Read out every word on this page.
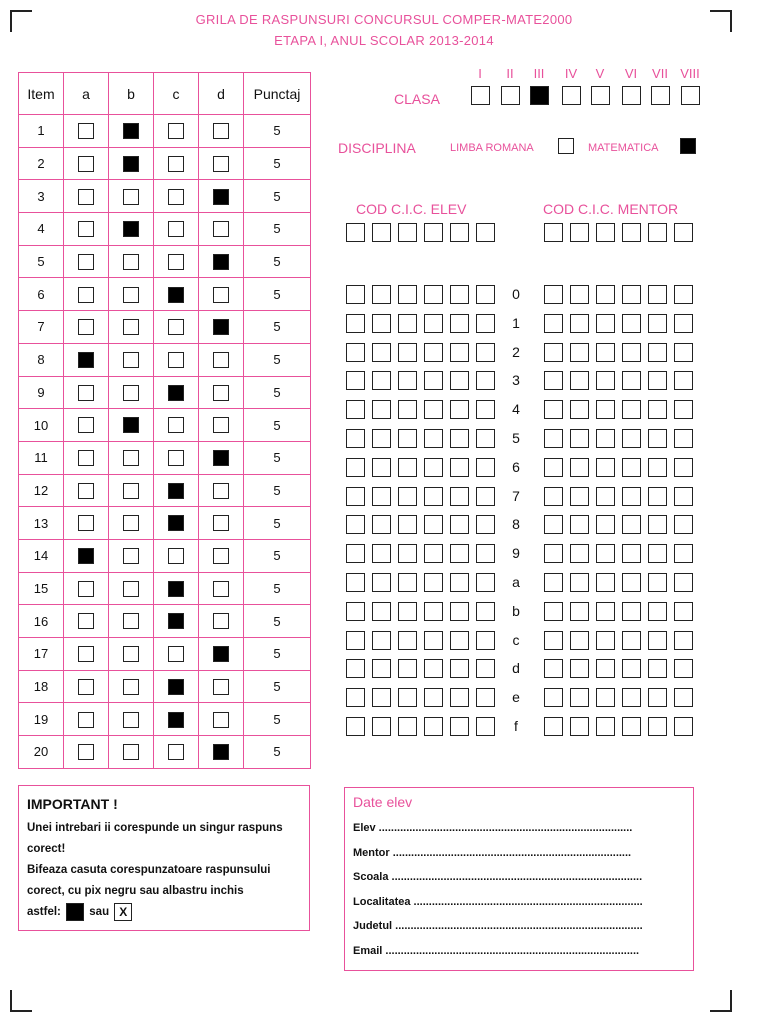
GRILA DE RASPUNSURI CONCURSUL COMPER-MATE2000
ETAPA I, ANUL SCOLAR 2013-2014
Item	a	b	c	d	Punctaj
1					5
2					5
3					5
4					5
5					5
6					5
7					5
8					5
9					5
10					5
11					5
12					5
13					5
14					5
15					5
16					5
17					5
18					5
19					5
20					5
CLASA
I	II	III	IV	V	VI	VII VIII
DISCIPLINA	LIMBA ROMANA	MATEMATICA
COD C.I.C. ELEV	COD C.I.C. MENTOR
0
1
2
3
4
5
6
7
8
9
a
b
c
d
e
f
IMPORTANT !

Unei intrebari ii corespunde un singur raspuns corect!

Bifeaza casuta corespunzatoare raspunsului corect, cu pix negru sau albastru inchis

astfel: sau X

Date elev
Elev ...................................................................................
Mentor ..............................................................................
Scoala ..................................................................................
Localitatea ...........................................................................
Judetul .................................................................................
Email ...................................................................................
